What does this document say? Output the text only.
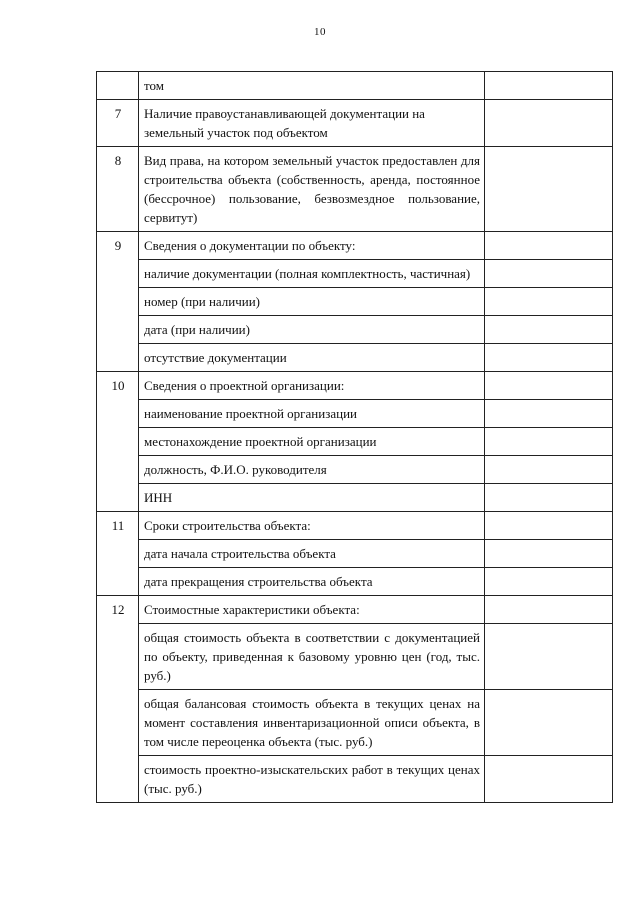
10
	том	
7	Наличие правоустанавливающей документации на земельный участок под объектом	
8	Вид права, на котором земельный участок предоставлен для строительства объекта (собственность, аренда, постоянное (бессрочное) пользование, безвозмездное пользование, сервитут)	
9	Сведения о документации по объекту:	
	наличие документации (полная комплектность, частичная)	
	номер (при наличии)	
	дата (при наличии)	
	отсутствие документации	
10	Сведения о проектной организации:	
	наименование проектной организации	
	местонахождение проектной организации	
	должность, Ф.И.О. руководителя	
	ИНН	
11	Сроки строительства объекта:	
	дата начала строительства объекта	
	дата прекращения строительства объекта	
12	Стоимостные характеристики объекта:	
	общая стоимость объекта в соответствии с документацией по объекту, приведенная к базовому уровню цен (год, тыс. руб.)	
	общая балансовая стоимость объекта в текущих ценах на момент составления инвентаризационной описи объекта, в том числе переоценка объекта (тыс. руб.)	
	стоимость проектно-изыскательских работ в текущих ценах (тыс. руб.)	
